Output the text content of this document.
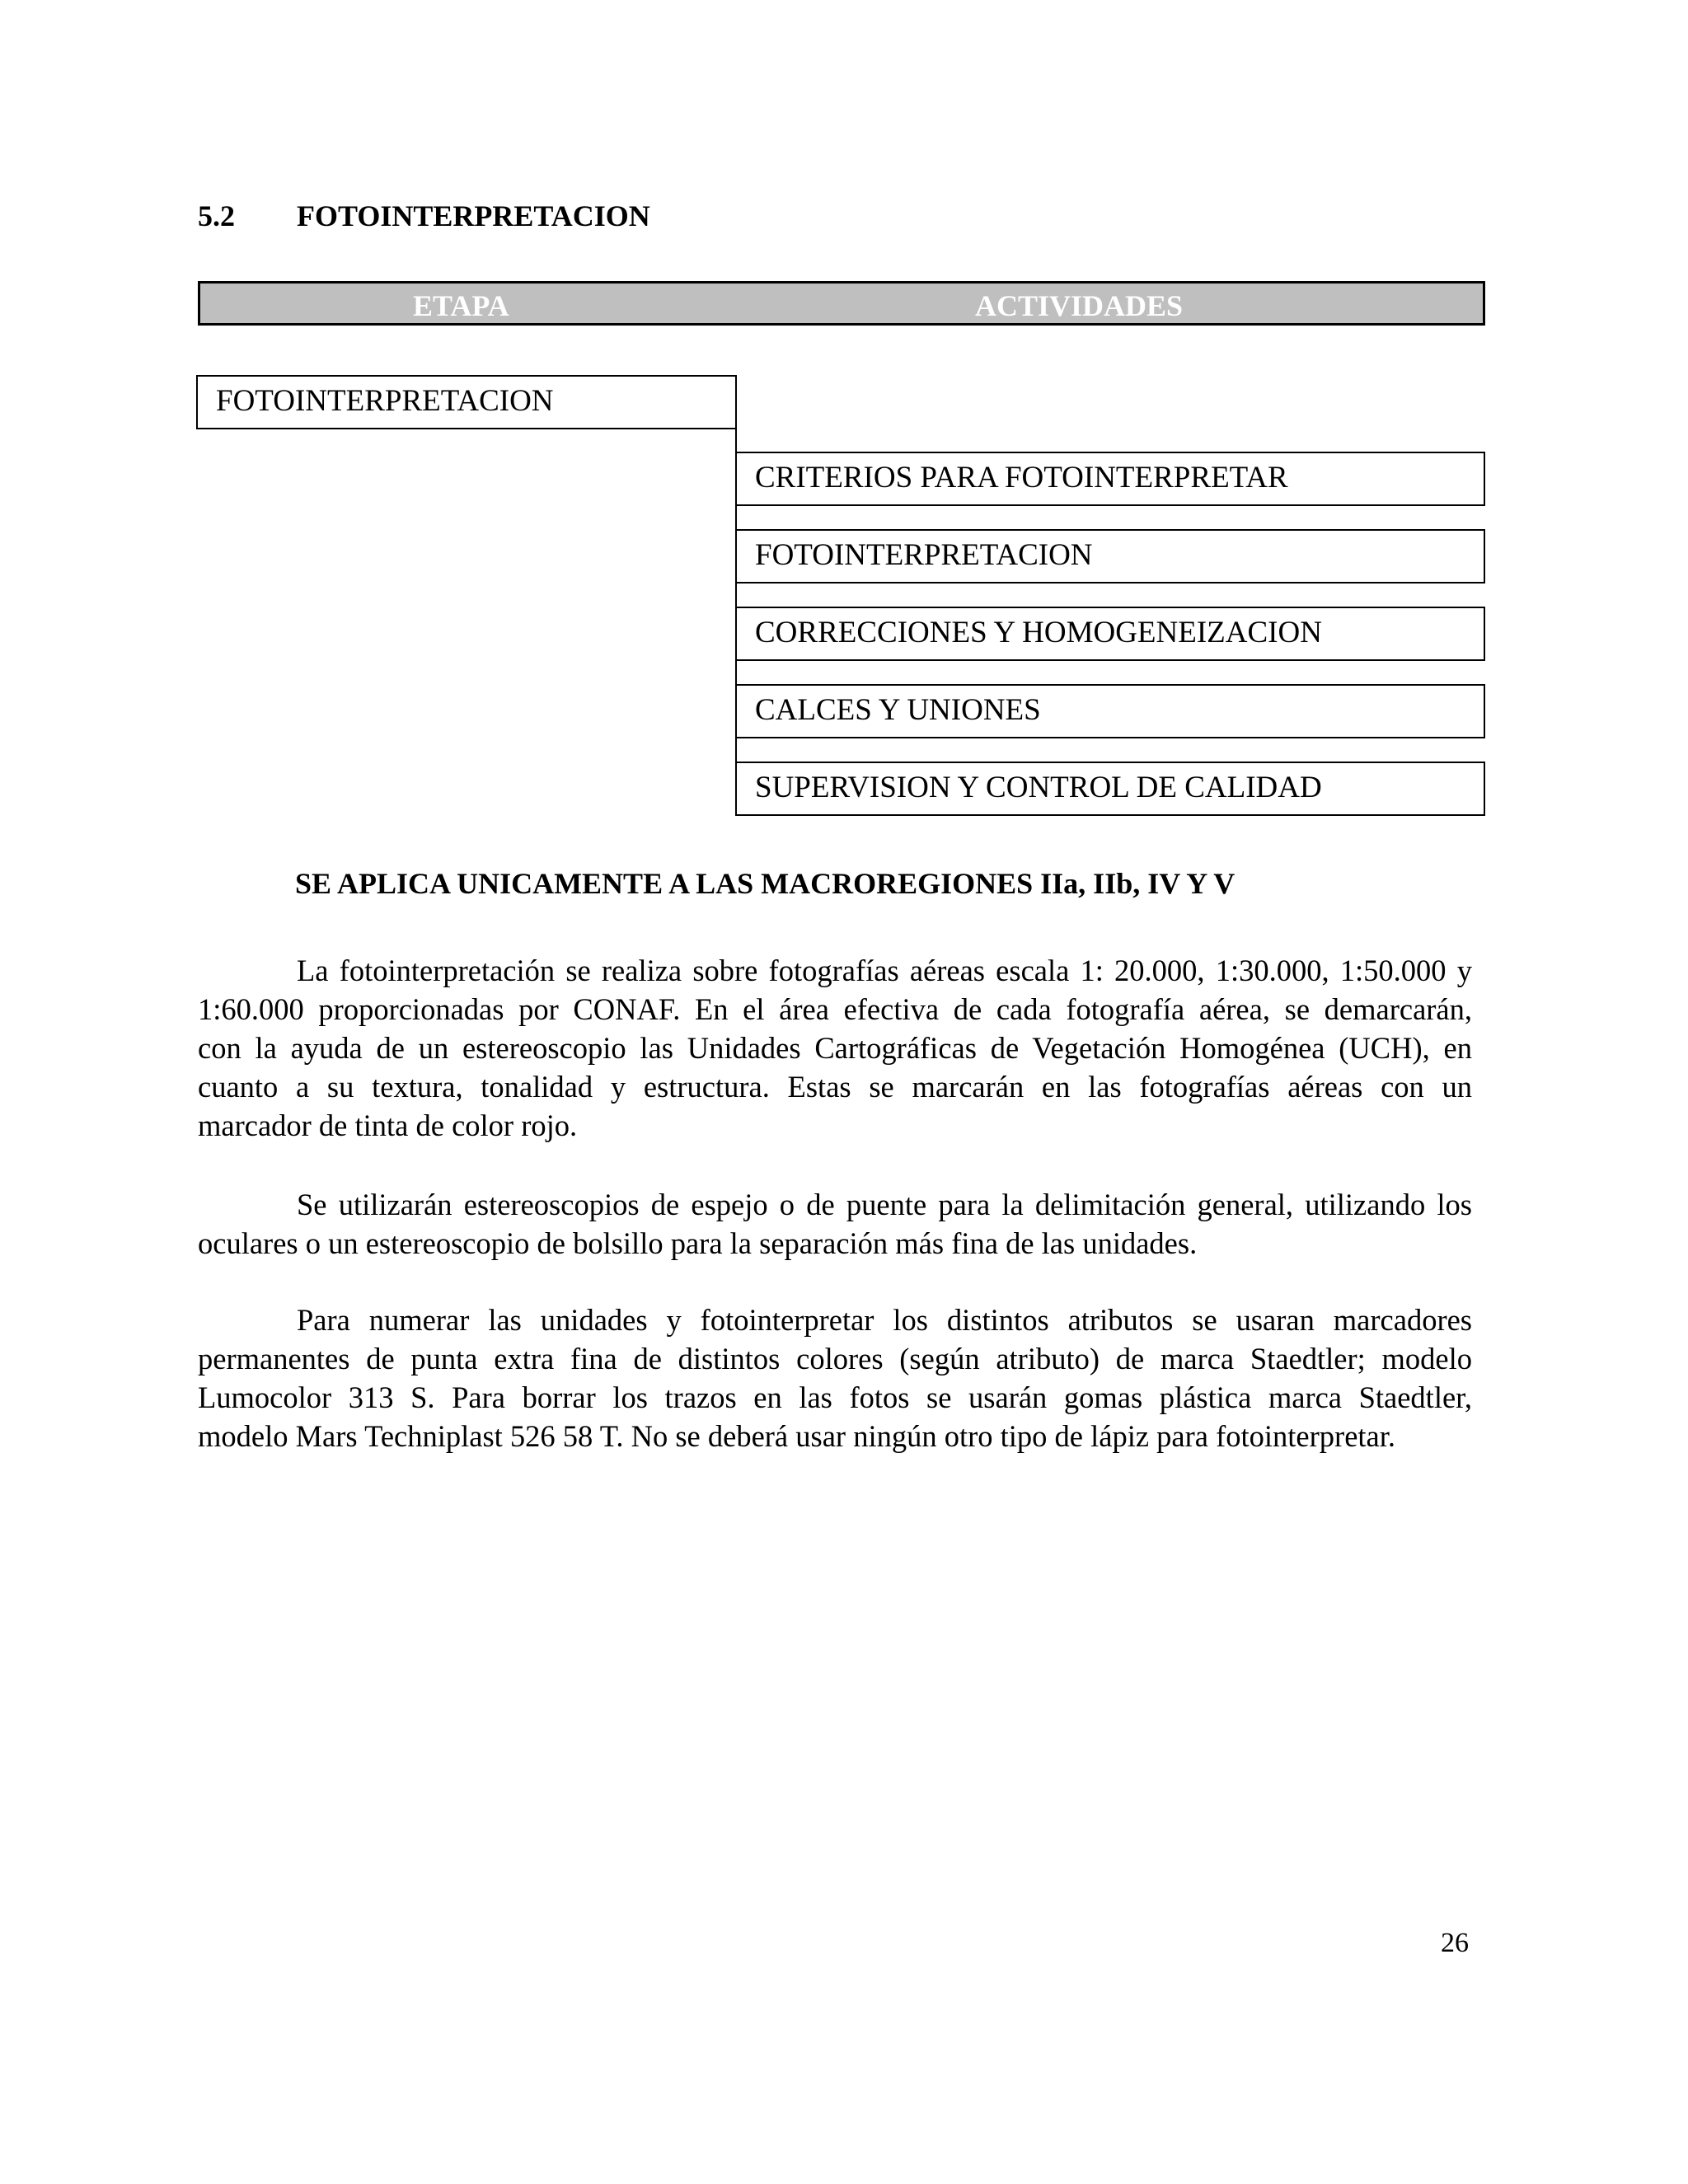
5.2 FOTOINTERPRETACION
ETAPA	ACTIVIDADES
FOTOINTERPRETACION
CRITERIOS PARA FOTOINTERPRETAR
FOTOINTERPRETACION
CORRECCIONES Y HOMOGENEIZACION
CALCES Y UNIONES
SUPERVISION Y CONTROL DE CALIDAD
SE APLICA UNICAMENTE A LAS MACROREGIONES IIa, IIb, IV Y V
La fotointerpretación se realiza sobre fotografías aéreas escala 1: 20.000, 1:30.000, 1:50.000 y
1:60.000 proporcionadas por CONAF. En el área efectiva de cada fotografía aérea, se demarcarán,
con la ayuda de un estereoscopio las Unidades Cartográficas de Vegetación Homogénea (UCH), en
cuanto a su textura, tonalidad y estructura. Estas se marcarán en las fotografías aéreas con un
marcador de tinta de color rojo.
Se utilizarán estereoscopios de espejo o de puente para la delimitación general, utilizando los
oculares o un estereoscopio de bolsillo para la separación más fina de las unidades.
Para numerar las unidades y fotointerpretar los distintos atributos se usaran marcadores
permanentes de punta extra fina de distintos colores (según atributo) de marca Staedtler; modelo
Lumocolor 313 S. Para borrar los trazos en las fotos se usarán gomas plástica marca Staedtler,
modelo Mars Techniplast 526 58 T. No se deberá usar ningún otro tipo de lápiz para fotointerpretar.
26
